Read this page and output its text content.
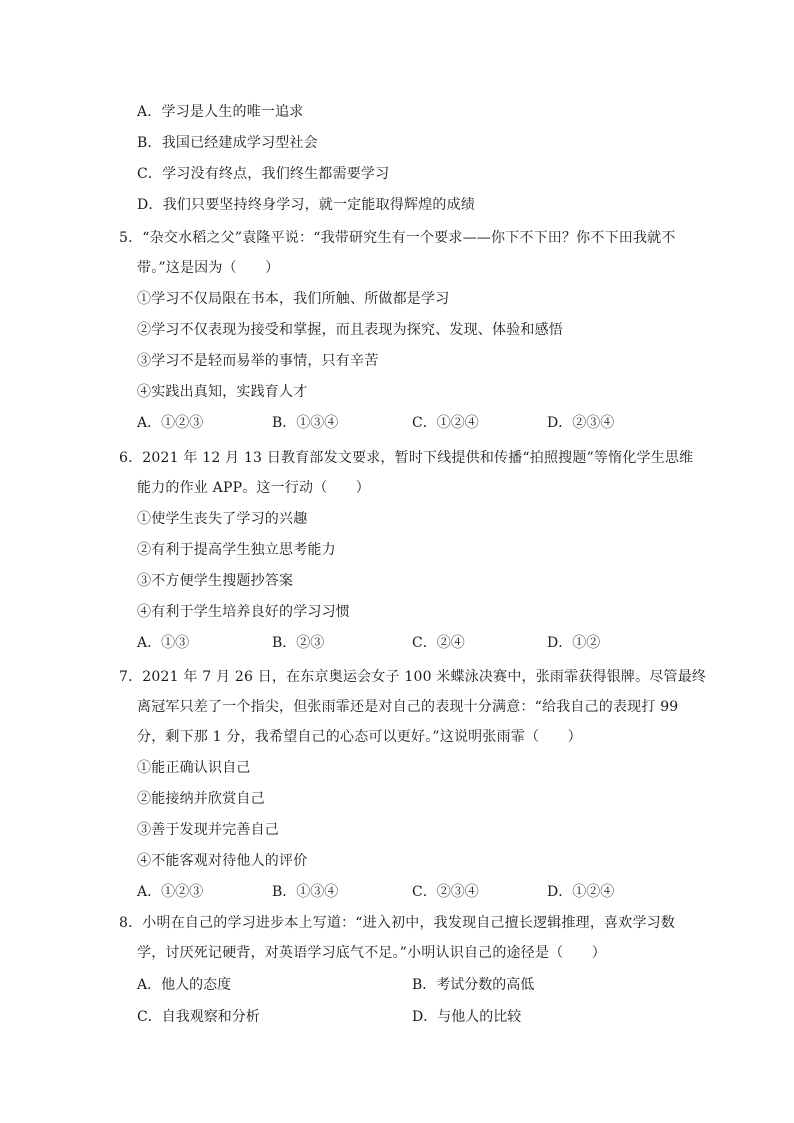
A．学习是人生的唯一追求
B．我国已经建成学习型社会
C．学习没有终点，我们终生都需要学习
D．我们只要坚持终身学习，就一定能取得辉煌的成绩
5．“杂交水稻之父”袁隆平说：“我带研究生有一个要求——你下不下田？你不下田我就不
带。”这是因为（　　）
①学习不仅局限在书本，我们所触、所做都是学习
②学习不仅表现为接受和掌握，而且表现为探究、发现、体验和感悟
③学习不是轻而易举的事情，只有辛苦
④实践出真知，实践育人才
A．①②③	B．①③④	C．①②④	D．②③④
6．2021 年 12 月 13 日教育部发文要求，暂时下线提供和传播“拍照搜题”等惰化学生思维
能力的作业 APP。这一行动（　　）
①使学生丧失了学习的兴趣
②有利于提高学生独立思考能力
③不方便学生搜题抄答案
④有利于学生培养良好的学习习惯
A．①③	B．②③	C．②④	D．①②
7．2021 年 7 月 26 日，在东京奥运会女子 100 米蝶泳决赛中，张雨霏获得银牌。尽管最终
离冠军只差了一个指尖，但张雨霏还是对自己的表现十分满意：“给我自己的表现打 99
分，剩下那 1 分，我希望自己的心态可以更好。”这说明张雨霏（　　）
①能正确认识自己
②能接纳并欣赏自己
③善于发现并完善自己
④不能客观对待他人的评价
A．①②③	B．①③④	C．②③④	D．①②④
8．小明在自己的学习进步本上写道：“进入初中，我发现自己擅长逻辑推理，喜欢学习数
学，讨厌死记硬背，对英语学习底气不足。”小明认识自己的途径是（　　）
A．他人的态度	B．考试分数的高低
C．自我观察和分析	D．与他人的比较
